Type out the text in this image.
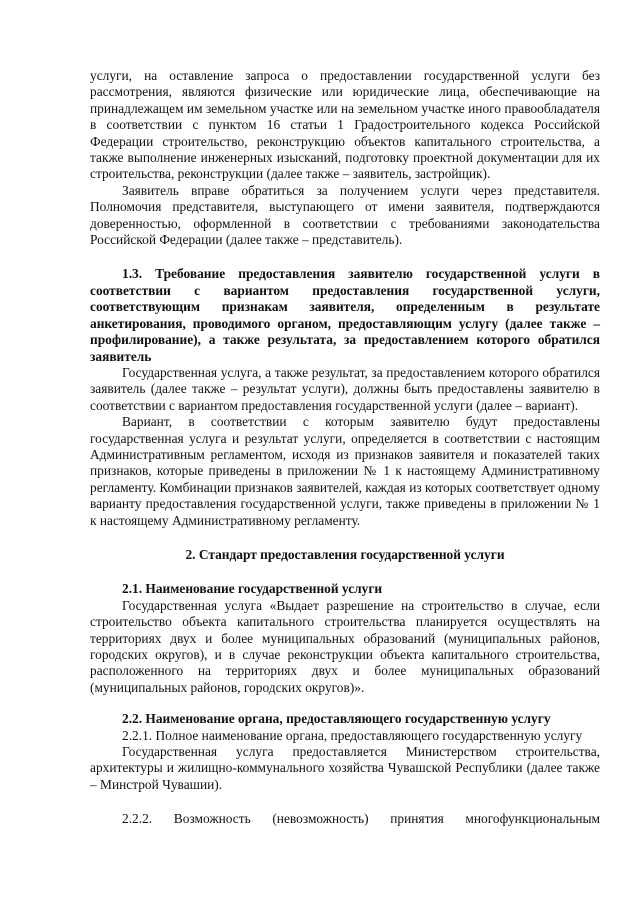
услуги, на оставление запроса о предоставлении государственной услуги без рассмотрения, являются физические или юридические лица, обеспечивающие на принадлежащем им земельном участке или на земельном участке иного правообладателя в соответствии с пунктом 16 статьи 1 Градостроительного кодекса Российской Федерации строительство, реконструкцию объектов капитального строительства, а также выполнение инженерных изысканий, подготовку проектной документации для их строительства, реконструкции (далее также – заявитель, застройщик).

Заявитель вправе обратиться за получением услуги через представителя. Полномочия представителя, выступающего от имени заявителя, подтверждаются доверенностью, оформленной в соответствии с требованиями законодательства Российской Федерации (далее также – представитель).

1.3. Требование предоставления заявителю государственной услуги в соответствии с вариантом предоставления государственной услуги, соответствующим признакам заявителя, определенным в результате анкетирования, проводимого органом, предоставляющим услугу (далее также – профилирование), а также результата, за предоставлением которого обратился заявитель

Государственная услуга, а также результат, за предоставлением которого обратился заявитель (далее также – результат услуги), должны быть предоставлены заявителю в соответствии с вариантом предоставления государственной услуги (далее – вариант).

Вариант, в соответствии с которым заявителю будут предоставлены государственная услуга и результат услуги, определяется в соответствии с настоящим Административным регламентом, исходя из признаков заявителя и показателей таких признаков, которые приведены в приложении № 1 к настоящему Административному регламенту. Комбинации признаков заявителей, каждая из которых соответствует одному варианту предоставления государственной услуги, также приведены в приложении № 1 к настоящему Административному регламенту.

2. Стандарт предоставления государственной услуги

2.1. Наименование государственной услуги

Государственная услуга «Выдает разрешение на строительство в случае, если строительство объекта капитального строительства планируется осуществлять на территориях двух и более муниципальных образований (муниципальных районов, городских округов), и в случае реконструкции объекта капитального строительства, расположенного на территориях двух и более муниципальных образований (муниципальных районов, городских округов)».

2.2. Наименование органа, предоставляющего государственную услугу

2.2.1. Полное наименование органа, предоставляющего государственную услугу

Государственная услуга предоставляется Министерством строительства, архитектуры и жилищно-коммунального хозяйства Чувашской Республики (далее также – Минстрой Чувашии).

2.2.2. Возможность (невозможность) принятия многофункциональным
